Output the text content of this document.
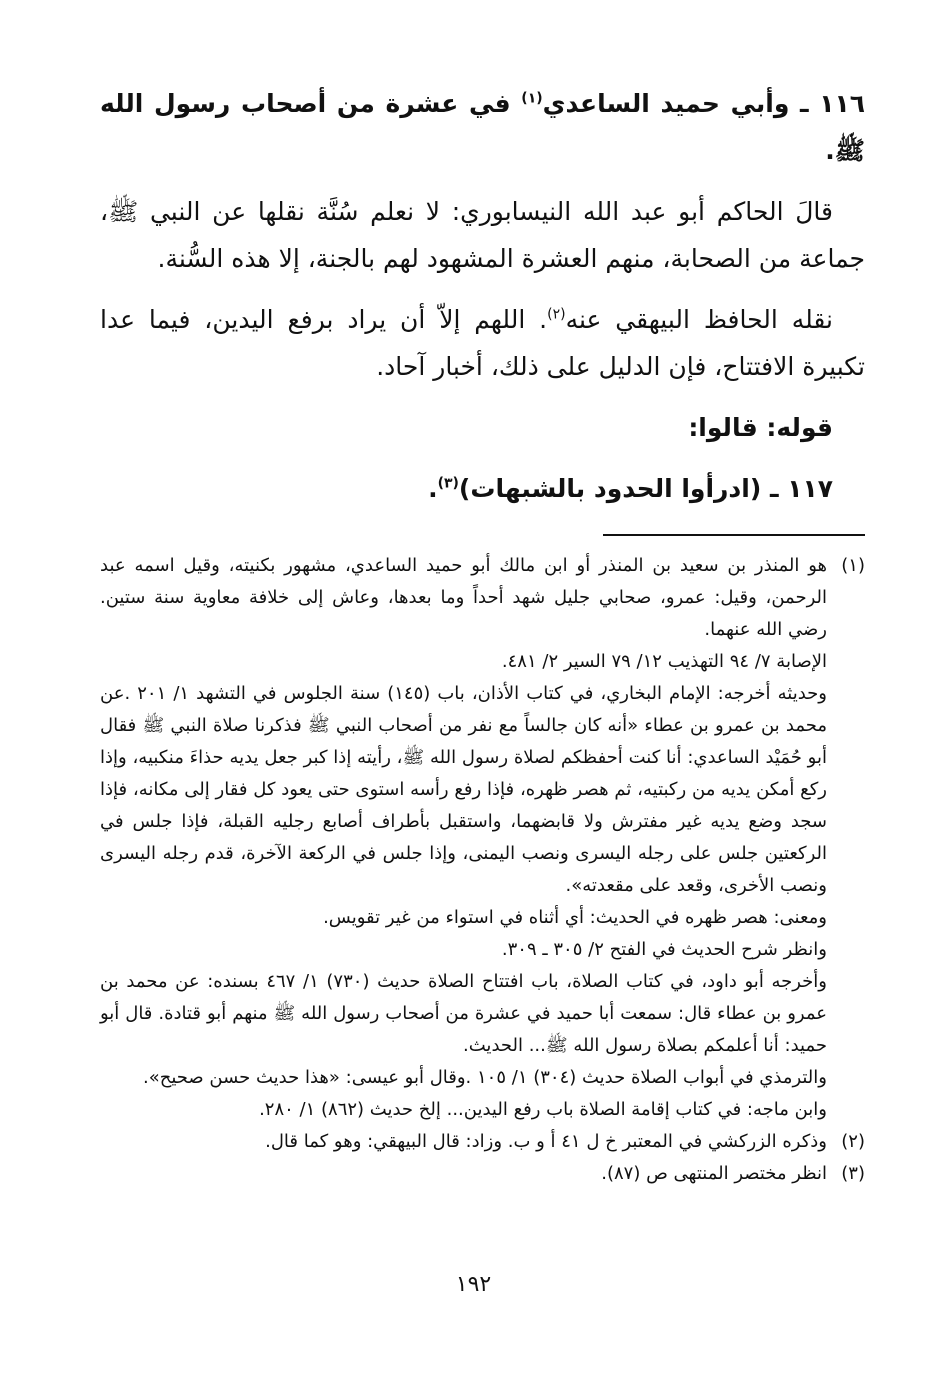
١١٦ ـ وأبي حميد الساعدي$^{(١)}$ في عشرة من أصحاب رسول الله ﷺ.

قالَ الحاكم أبو عبد الله النيسابوري: لا نعلم سُنَّة نقلها عن النبي ﷺ، جماعة من الصحابة، منهم العشرة المشهود لهم بالجنة، إلا هذه السُّنة.

نقله الحافظ البيهقي عنه$^{(٢)}$. اللهم إلاّ أن يراد برفع اليدين، فيما عدا تكبيرة الافتتاح، فإن الدليل على ذلك، أخبار آحاد.

قوله: قالوا:

١١٧ ـ (ادرأوا الحدود بالشبهات)$^{(٣)}$.

(١)

هو المنذر بن سعيد بن المنذر أو ابن مالك أبو حميد الساعدي، مشهور بكنيته، وقيل اسمه عبد الرحمن، وقيل: عمرو، صحابي جليل شهد أحداً وما بعدها، وعاش إلى خلافة معاوية سنة ستين. رضي الله عنهما.

الإصابة ٧/ ٩٤ التهذيب ١٢/ ٧٩ السير ٢/ ٤٨١.

وحديثه أخرجه: الإمام البخاري، في كتاب الأذان، باب (١٤٥) سنة الجلوس في التشهد ١/ ٢٠١ .عن محمد بن عمرو بن عطاء «أنه كان جالساً مع نفر من أصحاب النبي ﷺ فذكرنا صلاة النبي ﷺ فقال أبو حُمَيْد الساعدي: أنا كنت أحفظكم لصلاة رسول الله ﷺ، رأيته إذا كبر جعل يديه حذاءَ منكبيه، وإذا ركع أمكن يديه من ركبتيه، ثم هصر ظهره، فإذا رفع رأسه استوى حتى يعود كل فقار إلى مكانه، فإذا سجد وضع يديه غير مفترش ولا قابضهما، واستقبل بأطراف أصابع رجليه القبلة، فإذا جلس في الركعتين جلس على رجله اليسرى ونصب اليمنى، وإذا جلس في الركعة الآخرة، قدم رجله اليسرى ونصب الأخرى، وقعد على مقعدته».

ومعنى: هصر ظهره في الحديث: أي أثناه في استواء من غير تقويس.

وانظر شرح الحديث في الفتح ٢/ ٣٠٥ ـ ٣٠٩.

وأخرجه أبو داود، في كتاب الصلاة، باب افتتاح الصلاة حديث (٧٣٠) ١/ ٤٦٧ بسنده: عن محمد بن عمرو بن عطاء قال: سمعت أبا حميد في عشرة من أصحاب رسول الله ﷺ منهم أبو قتادة. قال أبو حميد: أنا أعلمكم بصلاة رسول الله ﷺ... الحديث.

والترمذي في أبواب الصلاة حديث (٣٠٤) ١/ ١٠٥ .وقال أبو عيسى: «هذا حديث حسن صحيح».

وابن ماجه: في كتاب إقامة الصلاة باب رفع اليدين... إلخ حديث (٨٦٢) ١/ ٢٨٠.

(٢)

وذكره الزركشي في المعتبر خ ل ٤١ أ و ب. وزاد: قال البيهقي: وهو كما قال.

(٣)

انظر مختصر المنتهى ص (٨٧).

١٩٢
